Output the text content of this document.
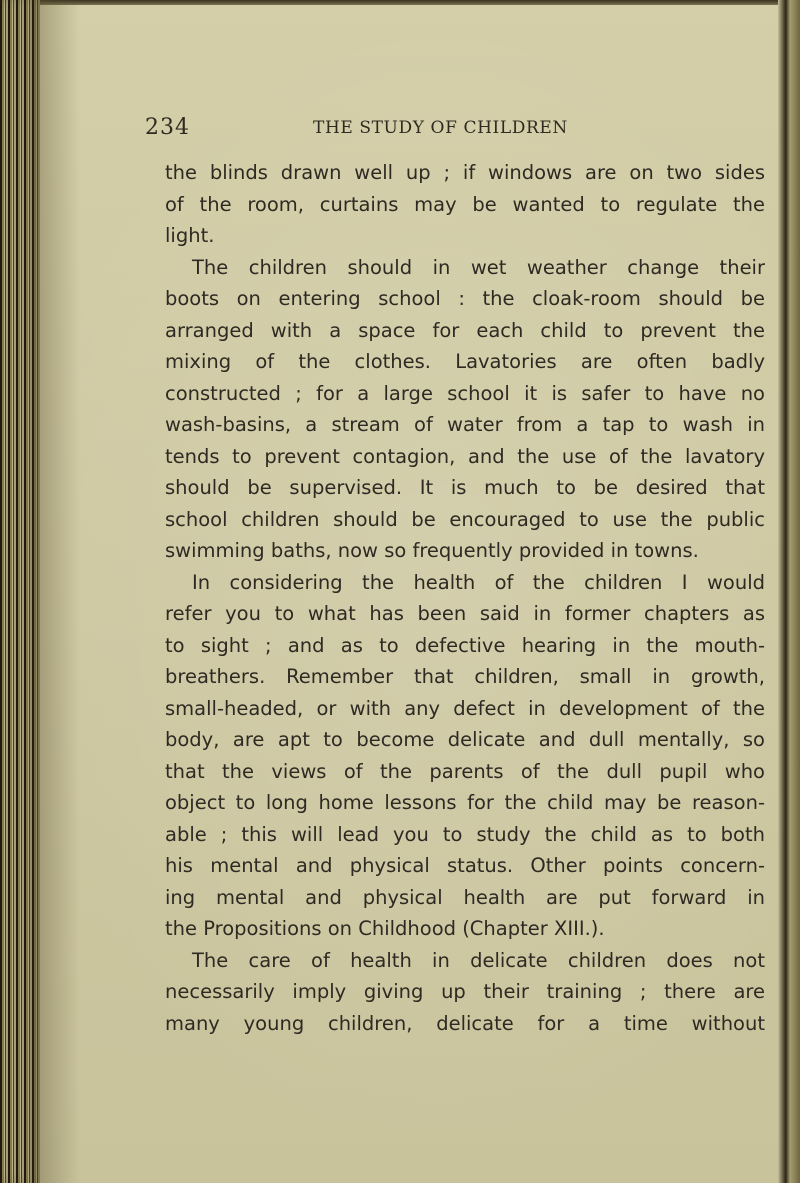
234	THE STUDY OF CHILDREN
the blinds drawn well up ; if windows are on two sides
of the room, curtains may be wanted to regulate the
light.
The children should in wet weather change their
boots on entering school : the cloak-room should be
arranged with a space for each child to prevent the
mixing of the clothes. Lavatories are often badly
constructed ; for a large school it is safer to have no
wash-basins, a stream of water from a tap to wash in
tends to prevent contagion, and the use of the lavatory
should be supervised. It is much to be desired that
school children should be encouraged to use the public
swimming baths, now so frequently provided in towns.
In considering the health of the children I would
refer you to what has been said in former chapters as
to sight ; and as to defective hearing in the mouth-
breathers. Remember that children, small in growth,
small-headed, or with any defect in development of the
body, are apt to become delicate and dull mentally, so
that the views of the parents of the dull pupil who
object to long home lessons for the child may be reason-
able ; this will lead you to study the child as to both
his mental and physical status. Other points concern-
ing mental and physical health are put forward in
the Propositions on Childhood (Chapter XIII.).
The care of health in delicate children does not
necessarily imply giving up their training ; there are
many young children, delicate for a time without
